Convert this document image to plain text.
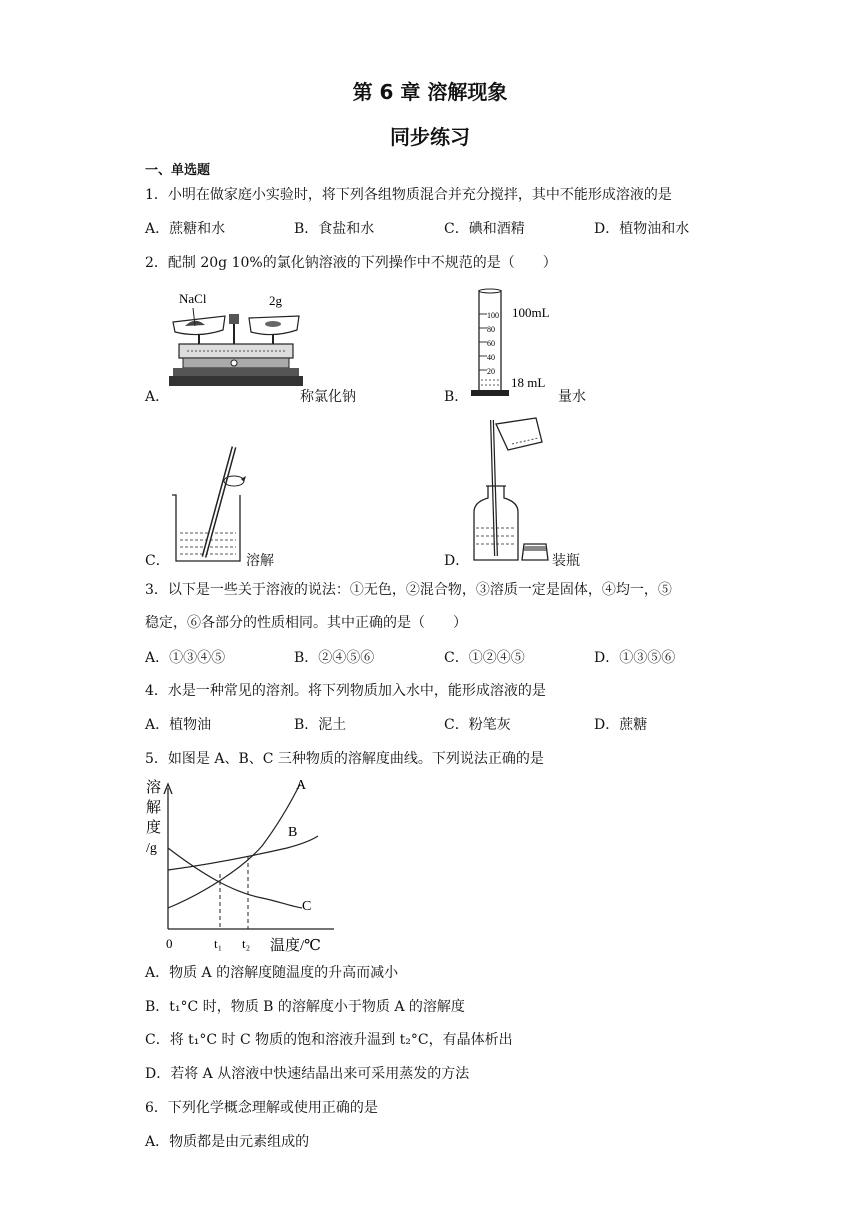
第 6 章 溶解现象
同步练习
一、单选题
1．小明在做家庭小实验时，将下列各组物质混合并充分搅拌，其中不能形成溶液的是
A．蔗糖和水	B．食盐和水	C．碘和酒精	D．植物油和水
2．配制 20g 10%的氯化钠溶液的下列操作中不规范的是（　　）
A．
NaCl	2g
称氯化钠	B．
100
80
60
40
20
100mL
18 mL
量水
C．	溶解	D．	装瓶
3．以下是一些关于溶液的说法：①无色，②混合物，③溶质一定是固体，④均一，⑤
稳定，⑥各部分的性质相同。其中正确的是（　　）
A．①③④⑤	B．②④⑤⑥	C．①②④⑤	D．①③⑤⑥
4．水是一种常见的溶剂。将下列物质加入水中，能形成溶液的是
A．植物油	B．泥土	C．粉笔灰	D．蔗糖
5．如图是 A、B、C 三种物质的溶解度曲线。下列说法正确的是
溶
解
度
/g
A
B
C
0	t₁ t₂ 温度/℃
A．物质 A 的溶解度随温度的升高而减小
B．t₁°C 时，物质 B 的溶解度小于物质 A 的溶解度
C．将 t₁°C 时 C 物质的饱和溶液升温到 t₂°C，有晶体析出
D．若将 A 从溶液中快速结晶出来可采用蒸发的方法
6．下列化学概念理解或使用正确的是
A．物质都是由元素组成的
